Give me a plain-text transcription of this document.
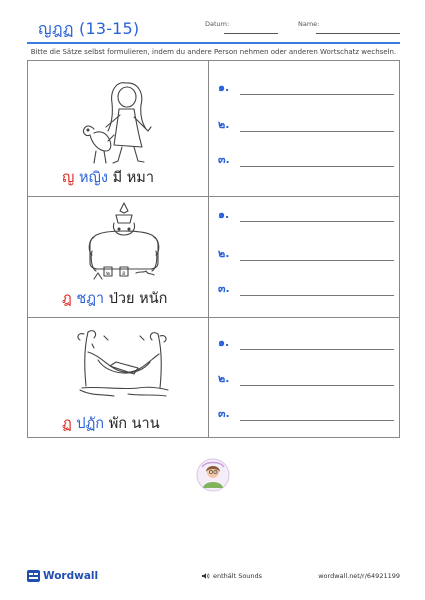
ญฎฏ (13-15)	Datum:	Name:
Bitte die Sätze selbst formulieren, indem du andere Person nehmen oder anderen Wortschatz wechseln.
ญ หญิง มี หมา
๑.
๒.
๓.
๒ อ
ฎ ชฎา ป่วย หนัก
๑.
๒.
๓.
ฏ ปฏัก พัก นาน
๑.
๒.
๓.
Wordwall	enthält Sounds	wordwall.net/r/64921199
